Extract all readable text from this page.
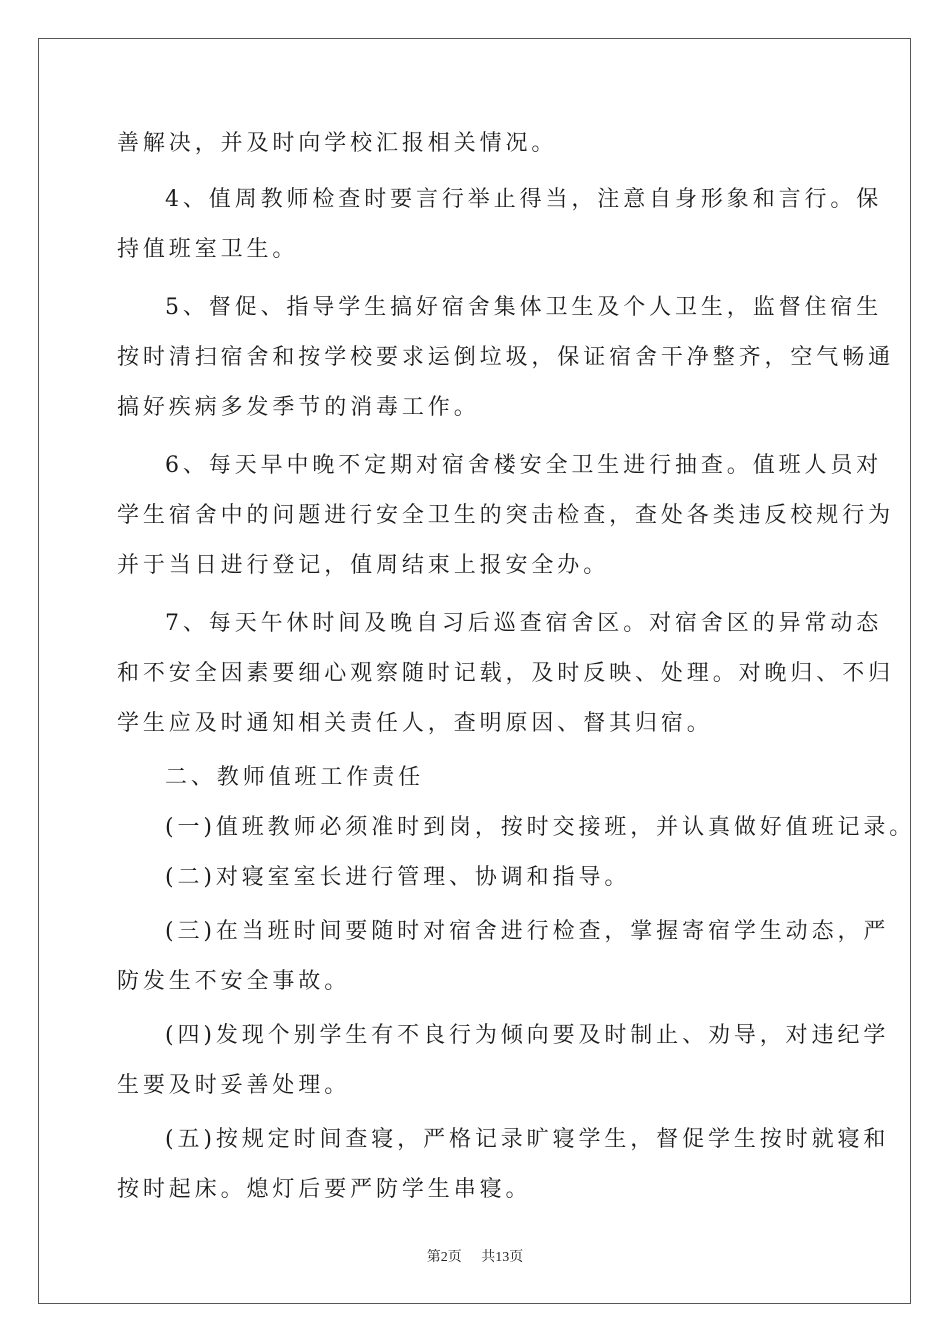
善解决，并及时向学校汇报相关情况。
4、值周教师检查时要言行举止得当，注意自身形象和言行。保
持值班室卫生。
5、督促、指导学生搞好宿舍集体卫生及个人卫生，监督住宿生
按时清扫宿舍和按学校要求运倒垃圾，保证宿舍干净整齐，空气畅通
搞好疾病多发季节的消毒工作。
6、每天早中晚不定期对宿舍楼安全卫生进行抽查。值班人员对
学生宿舍中的问题进行安全卫生的突击检查，查处各类违反校规行为
并于当日进行登记，值周结束上报安全办。
7、每天午休时间及晚自习后巡查宿舍区。对宿舍区的异常动态
和不安全因素要细心观察随时记载，及时反映、处理。对晚归、不归
学生应及时通知相关责任人，查明原因、督其归宿。
二、教师值班工作责任
(一)值班教师必须准时到岗，按时交接班，并认真做好值班记录。
(二)对寝室室长进行管理、协调和指导。
(三)在当班时间要随时对宿舍进行检查，掌握寄宿学生动态，严
防发生不安全事故。
(四)发现个别学生有不良行为倾向要及时制止、劝导，对违纪学
生要及时妥善处理。
(五)按规定时间查寝，严格记录旷寝学生，督促学生按时就寝和
按时起床。熄灯后要严防学生串寝。
第2页 共13页
